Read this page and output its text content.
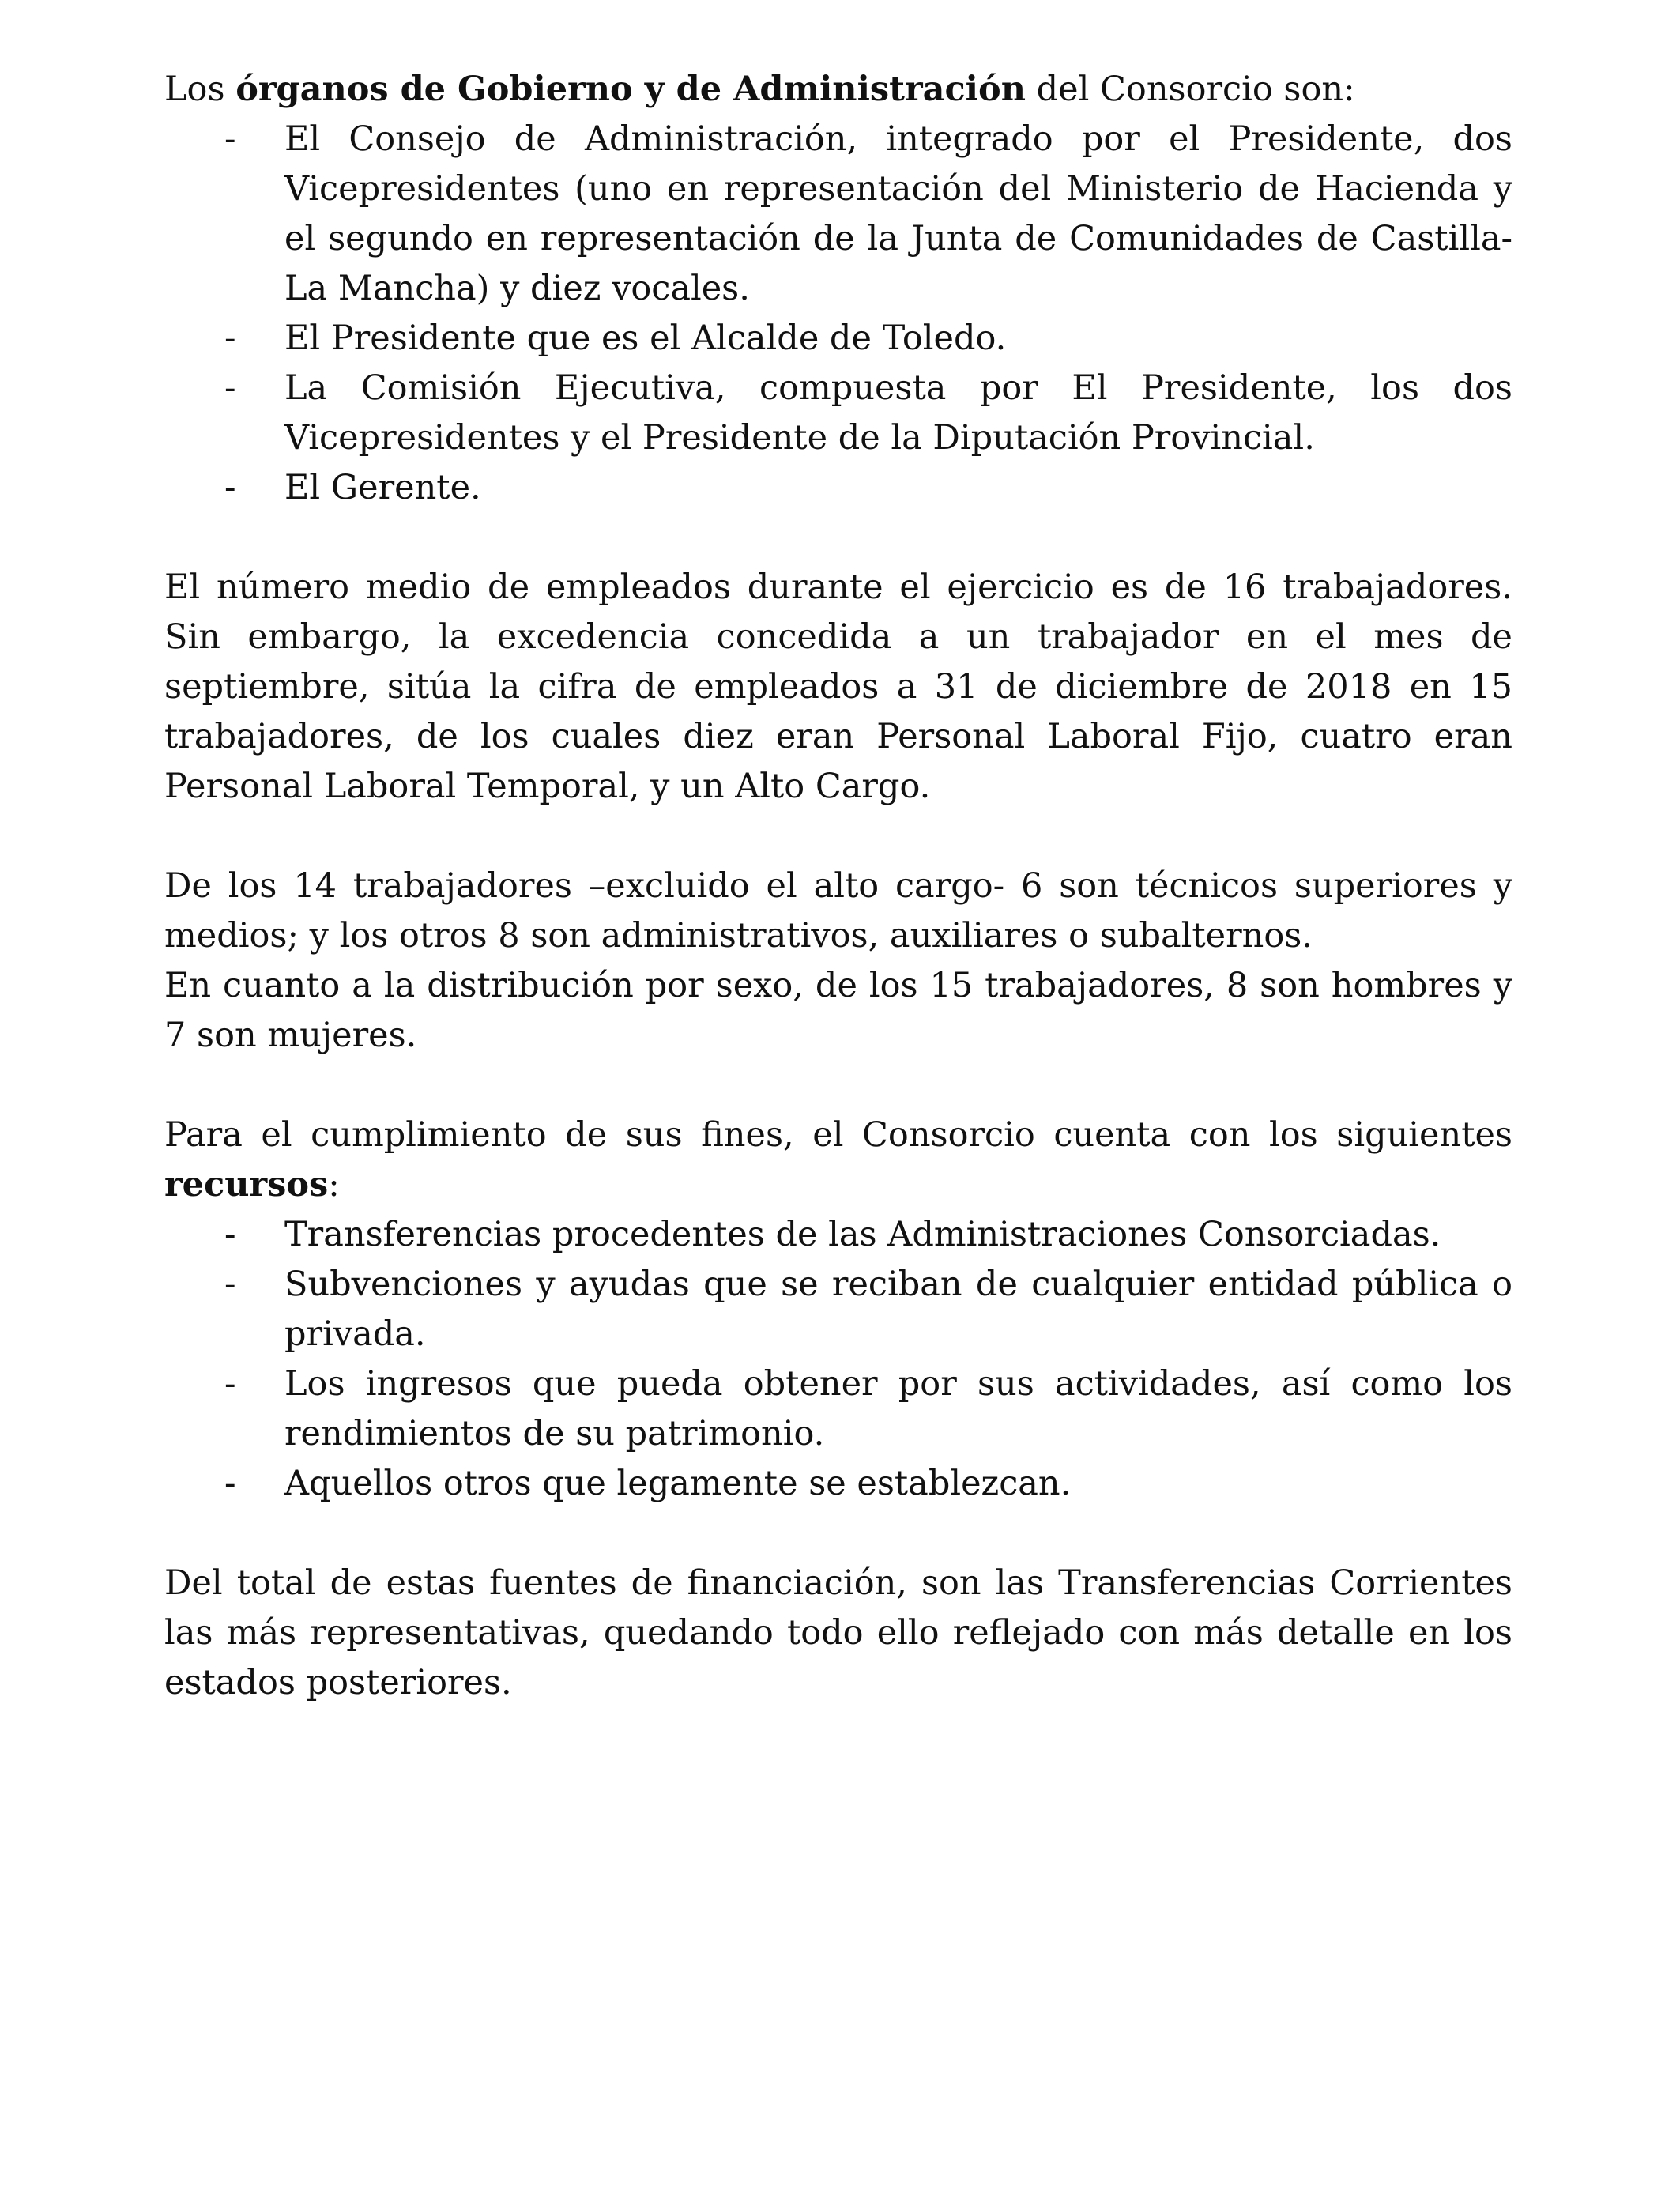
Los órganos de Gobierno y de Administración del Consorcio son:

- El Consejo de Administración, integrado por el Presidente, dos Vicepresidentes (uno en representación del Ministerio de Hacienda y el segundo en representación de la Junta de Comunidades de Castilla-La Mancha) y diez vocales.
- El Presidente que es el Alcalde de Toledo.
- La Comisión Ejecutiva, compuesta por El Presidente, los dos Vicepresidentes y el Presidente de la Diputación Provincial.
- El Gerente.

El número medio de empleados durante el ejercicio es de 16 trabajadores. Sin embargo, la excedencia concedida a un trabajador en el mes de septiembre, sitúa la cifra de empleados a 31 de diciembre de 2018 en 15 trabajadores, de los cuales diez eran Personal Laboral Fijo, cuatro eran Personal Laboral Temporal, y un Alto Cargo.

De los 14 trabajadores –excluido el alto cargo- 6 son técnicos superiores y medios; y los otros 8 son administrativos, auxiliares o subalternos.

En cuanto a la distribución por sexo, de los 15 trabajadores, 8 son hombres y 7 son mujeres.

Para el cumplimiento de sus fines, el Consorcio cuenta con los siguientes recursos:

- Transferencias procedentes de las Administraciones Consorciadas.
- Subvenciones y ayudas que se reciban de cualquier entidad pública o privada.
- Los ingresos que pueda obtener por sus actividades, así como los rendimientos de su patrimonio.
- Aquellos otros que legamente se establezcan.

Del total de estas fuentes de financiación, son las Transferencias Corrientes las más representativas, quedando todo ello reflejado con más detalle en los estados posteriores.
